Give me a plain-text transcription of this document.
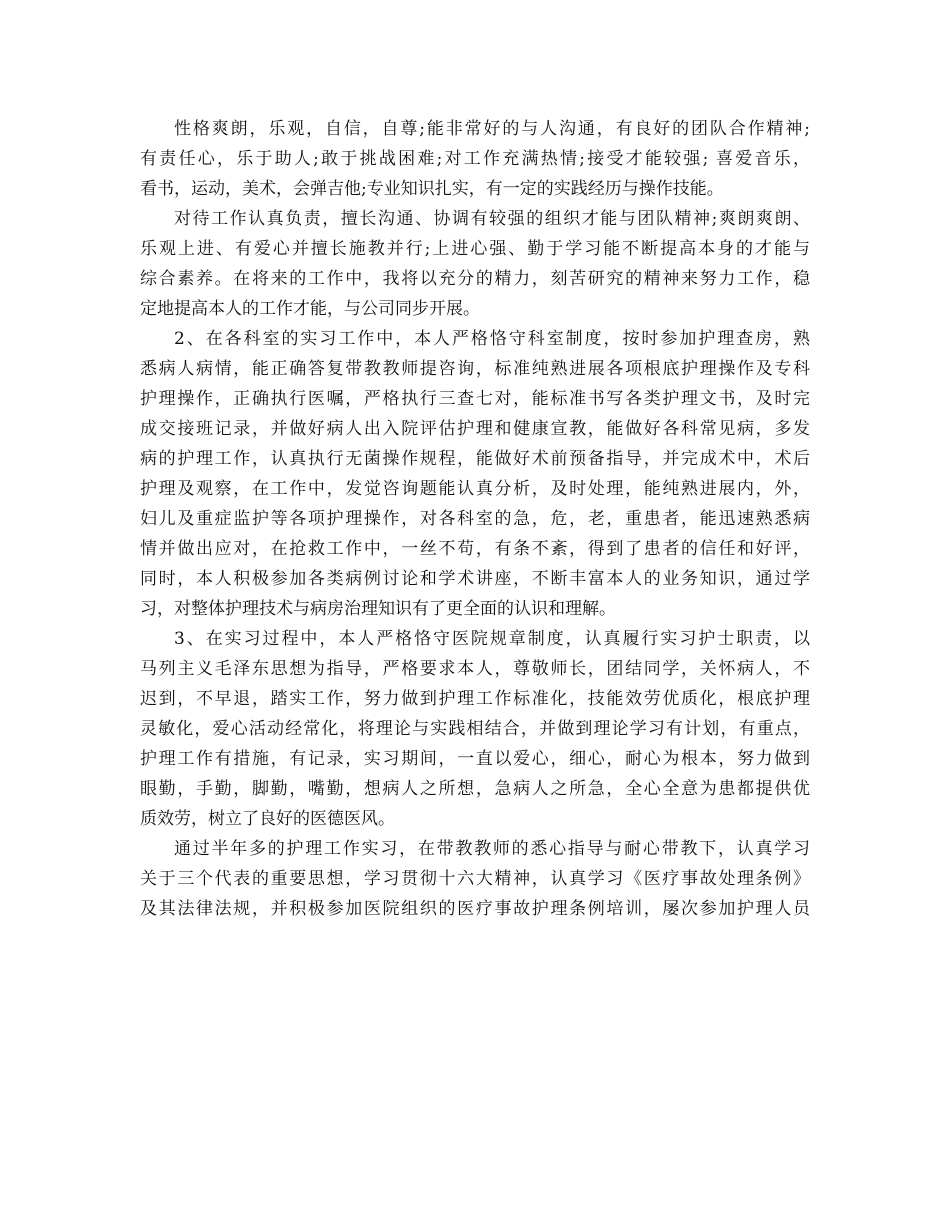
性格爽朗，乐观，自信，自尊;能非常好的与人沟通，有良好的团队合作精神;
有责任心，乐于助人;敢于挑战困难;对工作充满热情;接受才能较强; 喜爱音乐，
看书，运动，美术，会弹吉他;专业知识扎实，有一定的实践经历与操作技能。
对待工作认真负责，擅长沟通、协调有较强的组织才能与团队精神;爽朗爽朗、
乐观上进、有爱心并擅长施教并行;上进心强、勤于学习能不断提高本身的才能与
综合素养。在将来的工作中，我将以充分的精力，刻苦研究的精神来努力工作，稳
定地提高本人的工作才能，与公司同步开展。
2、在各科室的实习工作中，本人严格恪守科室制度，按时参加护理查房，熟
悉病人病情，能正确答复带教教师提咨询，标准纯熟进展各项根底护理操作及专科
护理操作，正确执行医嘱，严格执行三查七对，能标准书写各类护理文书，及时完
成交接班记录，并做好病人出入院评估护理和健康宣教，能做好各科常见病，多发
病的护理工作，认真执行无菌操作规程，能做好术前预备指导，并完成术中，术后
护理及观察，在工作中，发觉咨询题能认真分析，及时处理，能纯熟进展内，外，
妇儿及重症监护等各项护理操作，对各科室的急，危，老，重患者，能迅速熟悉病
情并做出应对，在抢救工作中，一丝不苟，有条不紊，得到了患者的信任和好评，
同时，本人积极参加各类病例讨论和学术讲座，不断丰富本人的业务知识，通过学
习，对整体护理技术与病房治理知识有了更全面的认识和理解。
3、在实习过程中，本人严格恪守医院规章制度，认真履行实习护士职责，以
马列主义毛泽东思想为指导，严格要求本人，尊敬师长，团结同学，关怀病人，不
迟到，不早退，踏实工作，努力做到护理工作标准化，技能效劳优质化，根底护理
灵敏化，爱心活动经常化，将理论与实践相结合，并做到理论学习有计划，有重点，
护理工作有措施，有记录，实习期间，一直以爱心，细心，耐心为根本，努力做到
眼勤，手勤，脚勤，嘴勤，想病人之所想，急病人之所急，全心全意为患都提供优
质效劳，树立了良好的医德医风。
通过半年多的护理工作实习，在带教教师的悉心指导与耐心带教下，认真学习
关于三个代表的重要思想，学习贯彻十六大精神，认真学习《医疗事故处理条例》
及其法律法规，并积极参加医院组织的医疗事故护理条例培训，屡次参加护理人员
